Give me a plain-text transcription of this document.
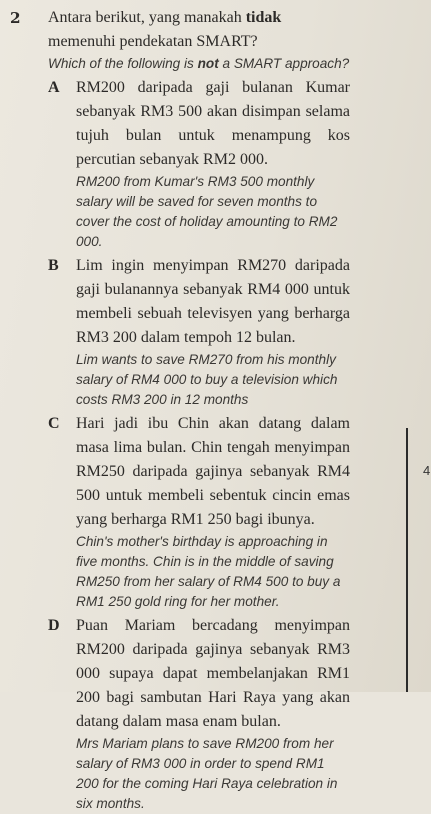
2	Antara berikut, yang manakah tidak memenuhi pendekatan SMART?
Which of the following is not a SMART approach?
A	RM200 daripada gaji bulanan Kumar sebanyak RM3 500 akan disimpan selama tujuh bulan untuk menampung kos percutian sebanyak RM2 000.
RM200 from Kumar's RM3 500 monthly salary will be saved for seven months to cover the cost of holiday amounting to RM2 000.
B	Lim ingin menyimpan RM270 daripada gaji bulanannya sebanyak RM4 000 untuk membeli sebuah televisyen yang berharga RM3 200 dalam tempoh 12 bulan.
Lim wants to save RM270 from his monthly salary of RM4 000 to buy a television which costs RM3 200 in 12 months
C	Hari jadi ibu Chin akan datang dalam masa lima bulan. Chin tengah menyimpan RM250 daripada gajinya sebanyak RM4 500 untuk membeli sebentuk cincin emas yang berharga RM1 250 bagi ibunya.
Chin's mother's birthday is approaching in five months. Chin is in the middle of saving RM250 from her salary of RM4 500 to buy a RM1 250 gold ring for her mother.
D	Puan Mariam bercadang menyimpan RM200 daripada gajinya sebanyak RM3 000 supaya dapat membelanjakan RM1 200 bagi sambutan Hari Raya yang akan datang dalam masa enam bulan.
Mrs Mariam plans to save RM200 from her salary of RM3 000 in order to spend RM1 200 for the coming Hari Raya celebration in six months.
4
